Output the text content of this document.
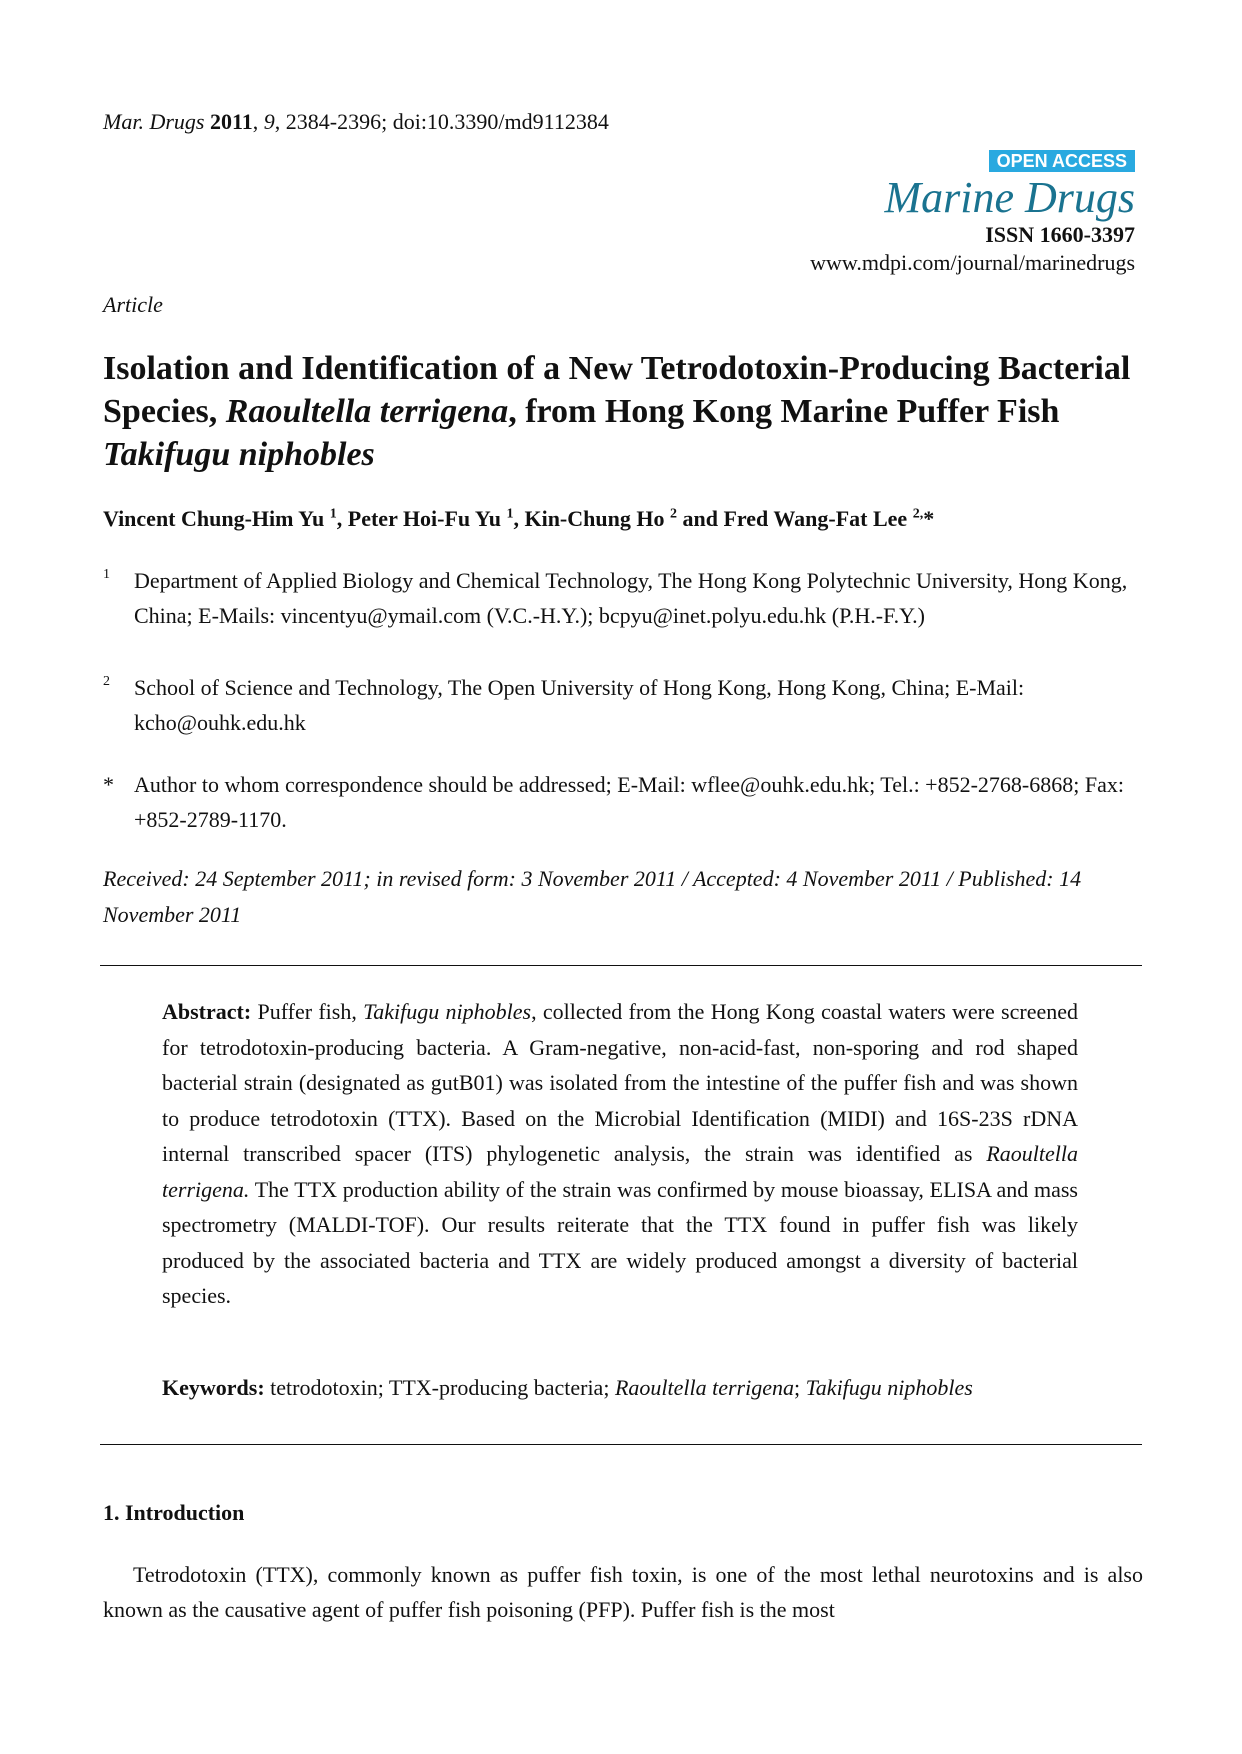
Mar. Drugs 2011, 9, 2384-2396; doi:10.3390/md9112384
OPEN ACCESS
Marine Drugs
ISSN 1660-3397
www.mdpi.com/journal/marinedrugs
Article
Isolation and Identification of a New Tetrodotoxin-Producing Bacterial Species, Raoultella terrigena, from Hong Kong Marine Puffer Fish Takifugu niphobles
Vincent Chung-Him Yu $^1$, Peter Hoi-Fu Yu $^1$, Kin-Chung Ho $^2$ and Fred Wang-Fat Lee $^{2,}$*
1 Department of Applied Biology and Chemical Technology, The Hong Kong Polytechnic University, Hong Kong, China; E-Mails: vincentyu@ymail.com (V.C.-H.Y.); bcpyu@inet.polyu.edu.hk (P.H.-F.Y.)
2 School of Science and Technology, The Open University of Hong Kong, Hong Kong, China; E-Mail: kcho@ouhk.edu.hk
* Author to whom correspondence should be addressed; E-Mail: wflee@ouhk.edu.hk; Tel.: +852-2768-6868; Fax: +852-2789-1170.
Received: 24 September 2011; in revised form: 3 November 2011 / Accepted: 4 November 2011 / Published: 14 November 2011
Abstract: Puffer fish, Takifugu niphobles, collected from the Hong Kong coastal waters were screened for tetrodotoxin-producing bacteria. A Gram-negative, non-acid-fast, non-sporing and rod shaped bacterial strain (designated as gutB01) was isolated from the intestine of the puffer fish and was shown to produce tetrodotoxin (TTX). Based on the Microbial Identification (MIDI) and 16S-23S rDNA internal transcribed spacer (ITS) phylogenetic analysis, the strain was identified as Raoultella terrigena. The TTX production ability of the strain was confirmed by mouse bioassay, ELISA and mass spectrometry (MALDI-TOF). Our results reiterate that the TTX found in puffer fish was likely produced by the associated bacteria and TTX are widely produced amongst a diversity of bacterial species.
Keywords: tetrodotoxin; TTX-producing bacteria; Raoultella terrigena; Takifugu niphobles
1. Introduction
Tetrodotoxin (TTX), commonly known as puffer fish toxin, is one of the most lethal neurotoxins and is also known as the causative agent of puffer fish poisoning (PFP). Puffer fish is the most
